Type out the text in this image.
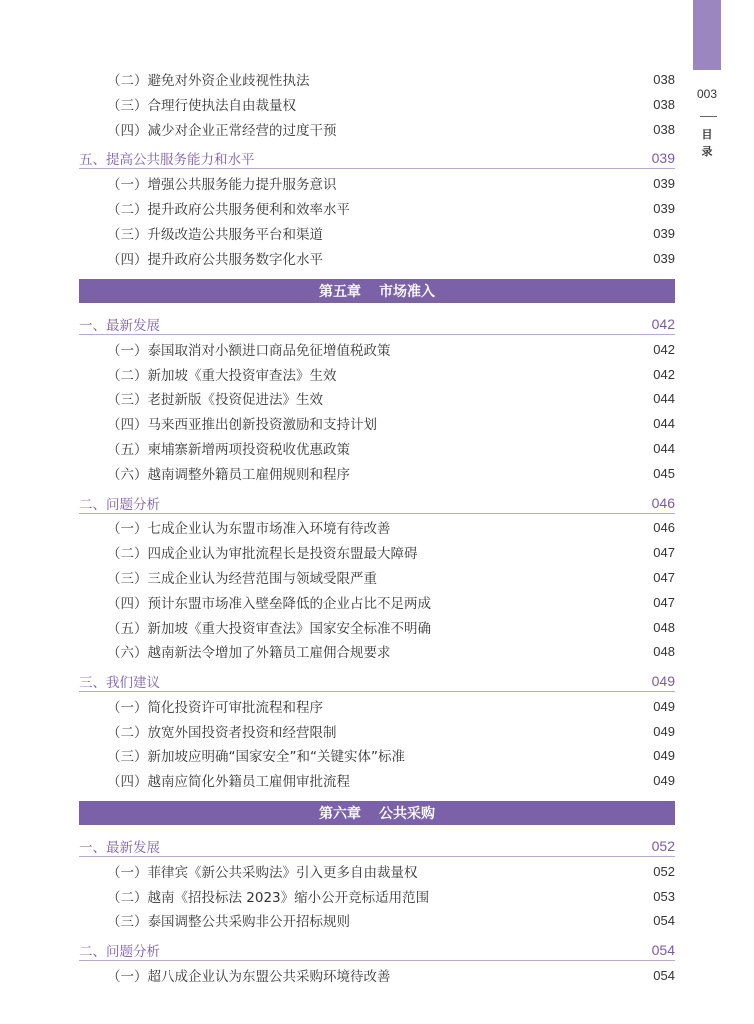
003
目
录
（二）避免对外资企业歧视性执法	038
（三）合理行使执法自由裁量权	038
（四）减少对企业正常经营的过度干预	038
五、提高公共服务能力和水平	039
（一）增强公共服务能力提升服务意识	039
（二）提升政府公共服务便利和效率水平	039
（三）升级改造公共服务平台和渠道	039
（四）提升政府公共服务数字化水平	039
第五章 市场准入
一、最新发展	042
（一）泰国取消对小额进口商品免征增值税政策	042
（二）新加坡《重大投资审查法》生效	042
（三）老挝新版《投资促进法》生效	044
（四）马来西亚推出创新投资激励和支持计划	044
（五）柬埔寨新增两项投资税收优惠政策	044
（六）越南调整外籍员工雇佣规则和程序	045
二、问题分析	046
（一）七成企业认为东盟市场准入环境有待改善	046
（二）四成企业认为审批流程长是投资东盟最大障碍	047
（三）三成企业认为经营范围与领域受限严重	047
（四）预计东盟市场准入壁垒降低的企业占比不足两成	047
（五）新加坡《重大投资审查法》国家安全标准不明确	048
（六）越南新法令增加了外籍员工雇佣合规要求	048
三、我们建议	049
（一）简化投资许可审批流程和程序	049
（二）放宽外国投资者投资和经营限制	049
（三）新加坡应明确“国家安全”和“关键实体”标准	049
（四）越南应简化外籍员工雇佣审批流程	049
第六章 公共采购
一、最新发展	052
（一）菲律宾《新公共采购法》引入更多自由裁量权	052
（二）越南《招投标法 2023》缩小公开竞标适用范围	053
（三）泰国调整公共采购非公开招标规则	054
二、问题分析	054
（一）超八成企业认为东盟公共采购环境待改善	054
